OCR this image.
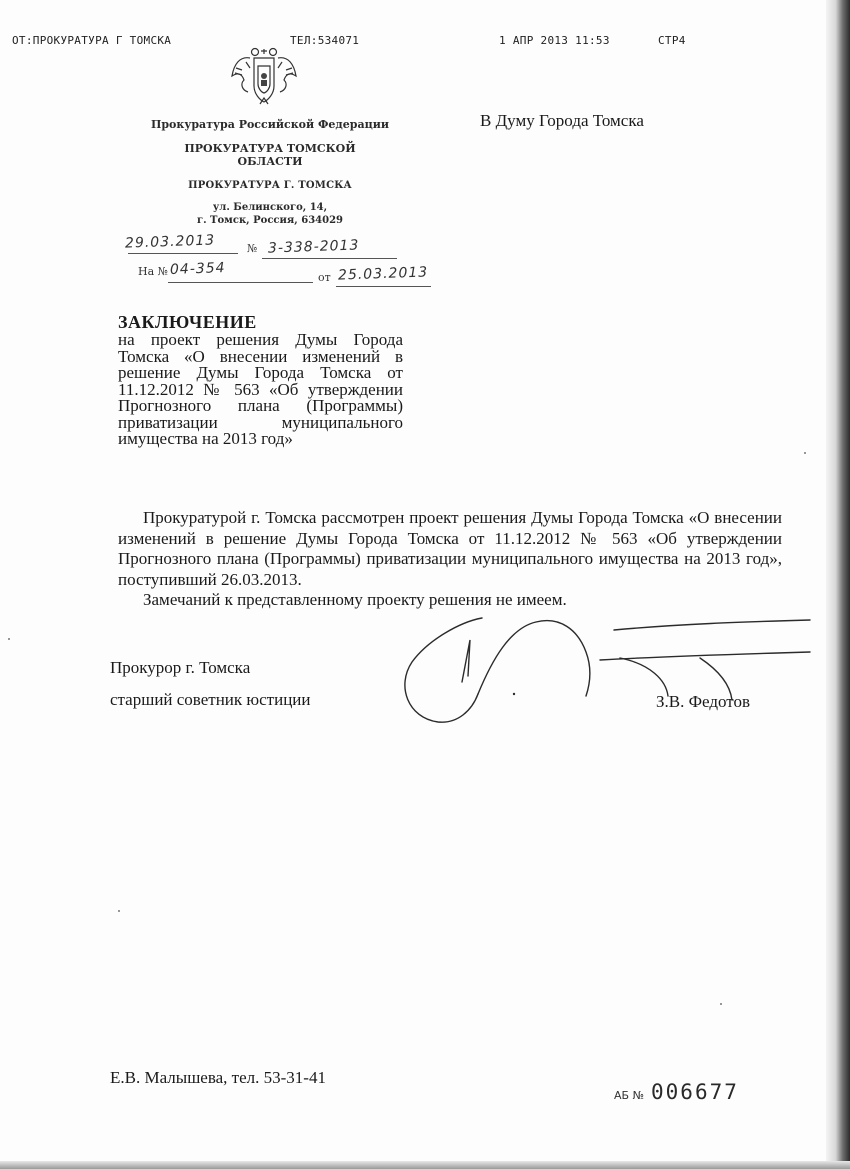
ОТ:ПРОКУРАТУРА Г ТОМСКА	ТЕЛ:534071	1 АПР 2013 11:53	СТР4
Прокуратура Российской Федерации
ПРОКУРАТУРА ТОМСКОЙ ОБЛАСТИ
ПРОКУРАТУРА Г. ТОМСКА
ул. Белинского, 14,
г. Томск, Россия, 634029
В Думу Города Томска
29.03.2013	№ 3-338-2013
На № 04-354	от 25.03.2013
ЗАКЛЮЧЕНИЕ
на проект решения Думы Города Томска «О внесении изменений в решение Думы Города Томска от 11.12.2012 № 563 «Об утверждении Прогнозного плана (Программы) приватизации муниципального имущества на 2013 год»

Прокуратурой г. Томска рассмотрен проект решения Думы Города Томска «О внесении изменений в решение Думы Города Томска от 11.12.2012 № 563 «Об утверждении Прогнозного плана (Программы) приватизации муниципального имущества на 2013 год», поступивший 26.03.2013.

Замечаний к представленному проекту решения не имеем.

Прокурор г. Томска
старший советник юстиции	З.В. Федотов
Е.В. Малышева, тел. 53-31-41
АБ № 006677
